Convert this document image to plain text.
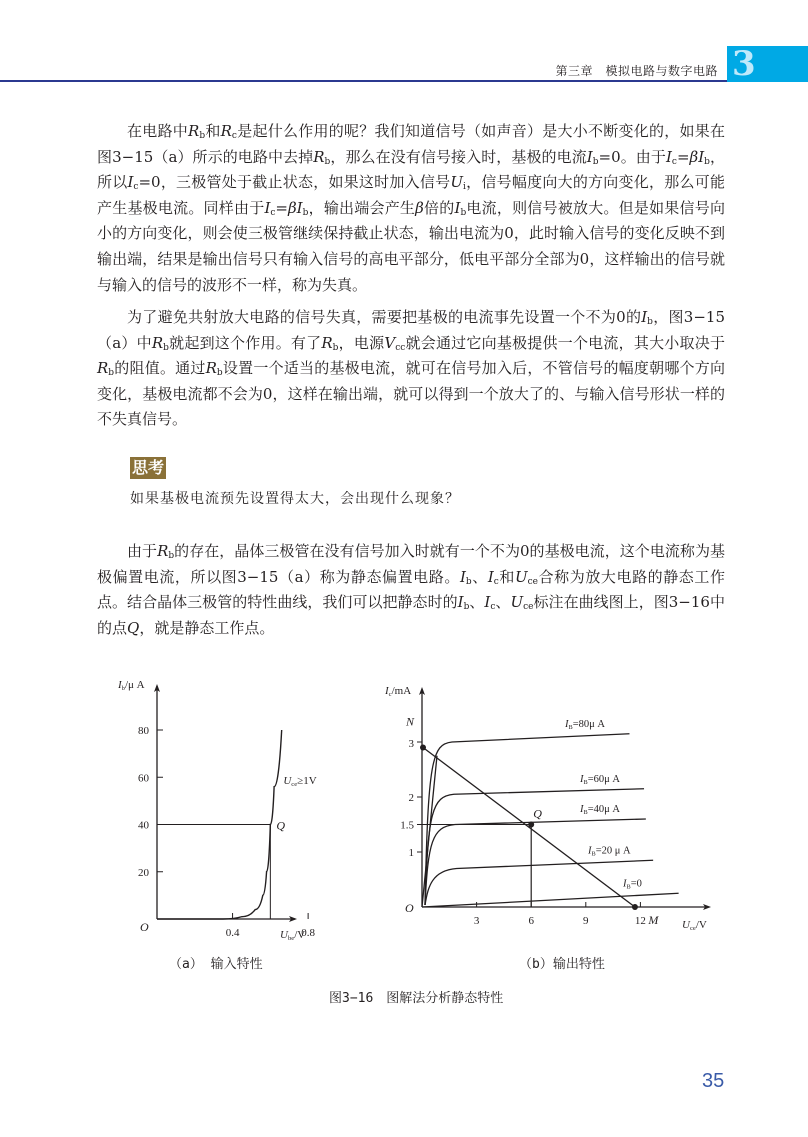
第三章　模拟电路与数字电路 3
在电路中$R_b$和$R_c$是起什么作用的呢？我们知道信号（如声音）是大小不断变化的，如果在图3−15（a）所示的电路中去掉$R_b$，那么在没有信号接入时，基极的电流$I_b=0$。由于$I_c=\beta I_b$，所以$I_c=0$，三极管处于截止状态，如果这时加入信号$U_i$，信号幅度向大的方向变化，那么可能产生基极电流。同样由于$I_c=\beta I_b$，输出端会产生β倍的$I_b$电流，则信号被放大。但是如果信号向小的方向变化，则会使三极管继续保持截止状态，输出电流为0，此时输入信号的变化反映不到输出端，结果是输出信号只有输入信号的高电平部分，低电平部分全部为0，这样输出的信号就与输入的信号的波形不一样，称为失真。
为了避免共射放大电路的信号失真，需要把基极的电流事先设置一个不为0的$I_b$，图3−15（a）中$R_b$就起到这个作用。有了$R_b$，电源$V_{cc}$就会通过它向基极提供一个电流，其大小取决于$R_b$的阻值。通过$R_b$设置一个适当的基极电流，就可在信号加入后，不管信号的幅度朝哪个方向变化，基极电流都不会为0，这样在输出端，就可以得到一个放大了的、与输入信号形状一样的不失真信号。
思考
如果基极电流预先设置得太大，会出现什么现象？
由于$R_b$的存在，晶体三极管在没有信号加入时就有一个不为0的基极电流，这个电流称为基极偏置电流，所以图3−15（a）称为静态偏置电路。$I_b$、$I_c$和$U_{ce}$合称为放大电路的静态工作点。结合晶体三极管的特性曲线，我们可以把静态时的$I_b$、$I_c$、$U_{ce}$标注在曲线图上，图3−16中的点Q，就是静态工作点。
20
40
60
80
0.4	0.8
O
Ib/μ A
Ube/V
Q
Uce≥1V
1
1.5
2
3
3	6	9	12
O
Ic/mA
Uce/V
IB=80μ A
IB=60μ A
IB=40μ A
IB=20 μ A
IB=0
N
M
Q
（a） 输入特性	（b）输出特性
图3−16　图解法分析静态特性
35
